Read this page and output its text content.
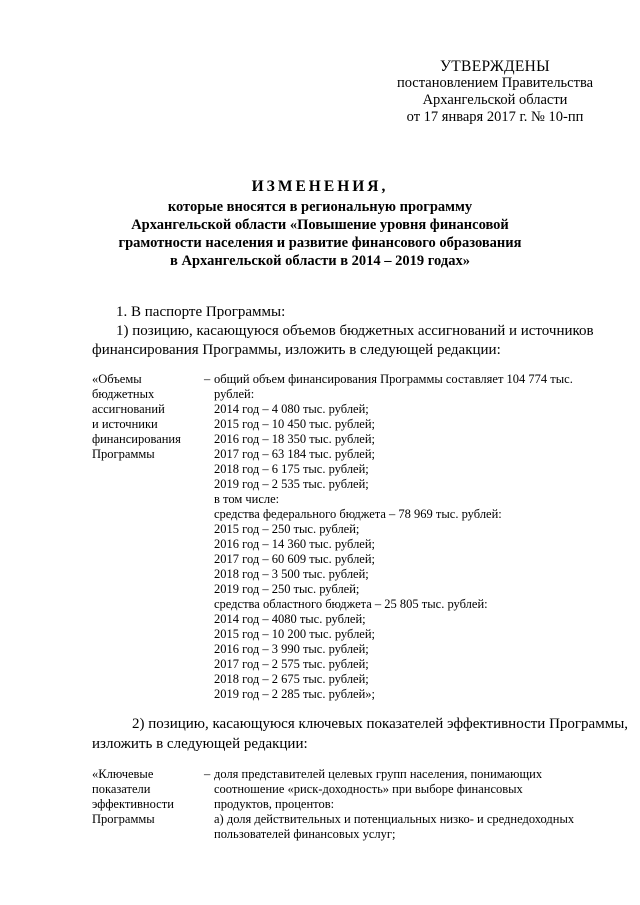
УТВЕРЖДЕНЫ
постановлением Правительства
Архангельской области
от 17 января 2017 г. № 10-пп
ИЗМЕНЕНИЯ,
которые вносятся в региональную программу
Архангельской области «Повышение уровня финансовой
грамотности населения и развитие финансового образования
в Архангельской области в 2014 – 2019 годах»
1. В паспорте Программы:
1) позицию, касающуюся объемов бюджетных ассигнований и источников
финансирования Программы, изложить в следующей редакции:
«Объемы
бюджетных
ассигнований
и источники
финансирования
Программы
– общий объем финансирования Программы составляет 104 774 тыс.
рублей:
2014 год – 4 080 тыс. рублей;
2015 год – 10 450 тыс. рублей;
2016 год – 18 350 тыс. рублей;
2017 год – 63 184 тыс. рублей;
2018 год – 6 175 тыс. рублей;
2019 год – 2 535 тыс. рублей;
в том числе:
средства федерального бюджета – 78 969 тыс. рублей:
2015 год – 250 тыс. рублей;
2016 год – 14 360 тыс. рублей;
2017 год – 60 609 тыс. рублей;
2018 год – 3 500 тыс. рублей;
2019 год – 250 тыс. рублей;
средства областного бюджета – 25 805 тыс. рублей:
2014 год – 4080 тыс. рублей;
2015 год – 10 200 тыс. рублей;
2016 год – 3 990 тыс. рублей;
2017 год – 2 575 тыс. рублей;
2018 год – 2 675 тыс. рублей;
2019 год – 2 285 тыс. рублей»;
2) позицию, касающуюся ключевых показателей эффективности Программы,
изложить в следующей редакции:
«Ключевые
показатели
эффективности
Программы
– доля представителей целевых групп населения, понимающих
соотношение «риск-доходность» при выборе финансовых
продуктов, процентов:
а) доля действительных и потенциальных низко- и среднедоходных
пользователей финансовых услуг;
